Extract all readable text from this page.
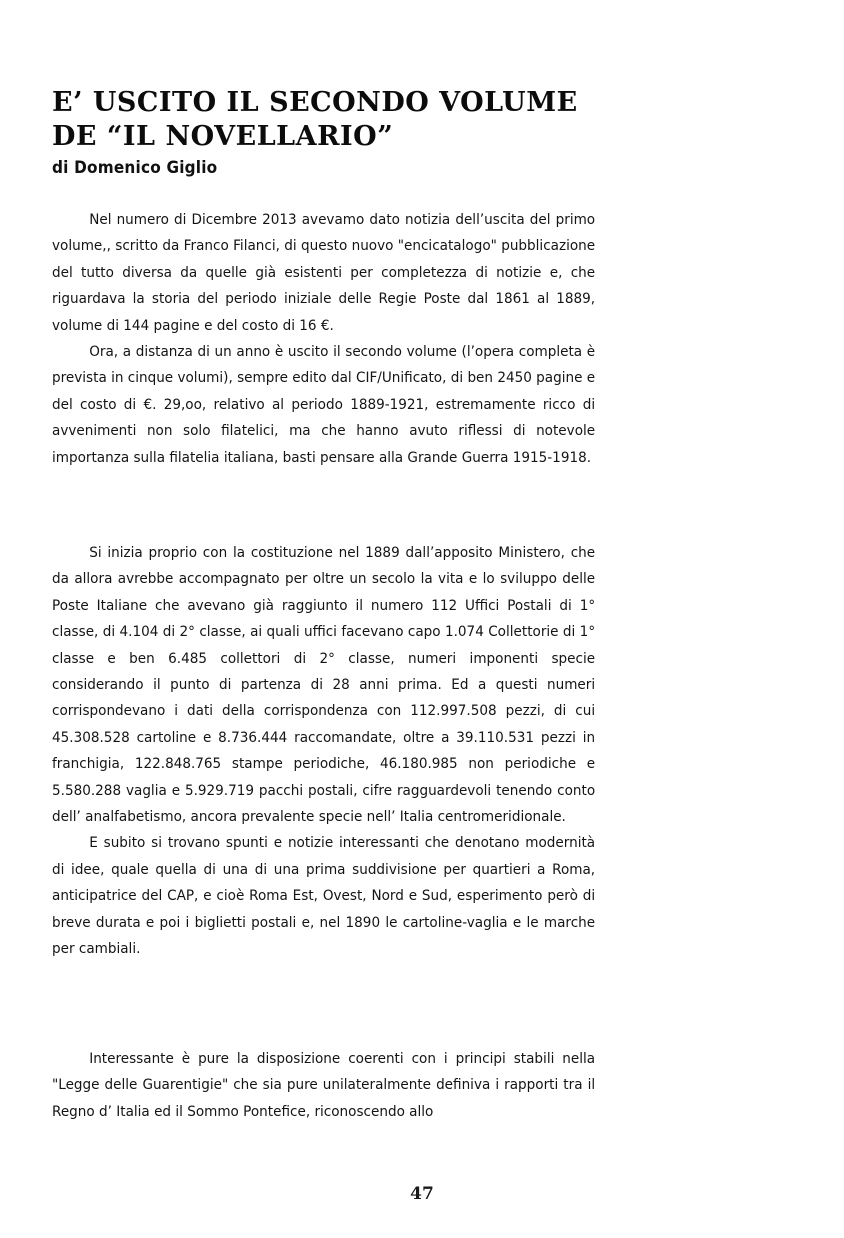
E’ USCITO IL SECONDO VOLUME
DE “IL NOVELLARIO”
di Domenico Giglio

Nel numero di Dicembre 2013 avevamo dato notizia dell’uscita del primo volume,, scritto da Franco Filanci, di questo nuovo "encicatalogo" pubblicazione del tutto diversa da quelle già esistenti per completezza di notizie e, che riguardava la storia del periodo iniziale delle Regie Poste dal 1861 al 1889, volume di 144 pagine e del costo di 16 €.

Ora, a distanza di un anno è uscito il secondo volume (l’opera completa è prevista in cinque volumi), sempre edito dal CIF/Unificato, di ben 2450 pagine e del costo di €. 29,oo, relativo al periodo 1889-1921, estremamente ricco di avvenimenti non solo filatelici, ma che hanno avuto riflessi di notevole importanza sulla filatelia italiana, basti pensare alla Grande Guerra 1915-1918.

Si inizia proprio con la costituzione nel 1889 dall’apposito Ministero, che da allora avrebbe accompagnato per oltre un secolo la vita e lo sviluppo delle Poste Italiane che avevano già raggiunto il numero 112 Uffici Postali di 1° classe, di 4.104 di 2° classe, ai quali uffici facevano capo 1.074 Collettorie di 1° classe e ben 6.485 collettori di 2° classe, numeri imponenti specie considerando il punto di partenza di 28 anni prima. Ed a questi numeri corrispondevano i dati della corrispondenza con 112.997.508 pezzi, di cui 45.308.528 cartoline e 8.736.444 raccomandate, oltre a 39.110.531 pezzi in franchigia, 122.848.765 stampe periodiche, 46.180.985 non periodiche e 5.580.288 vaglia e 5.929.719 pacchi postali, cifre ragguardevoli tenendo conto dell’ analfabetismo, ancora prevalente specie nell’ Italia centromeridionale.

E subito si trovano spunti e notizie interessanti che denotano modernità di idee, quale quella di una di una prima suddivisione per quartieri a Roma, anticipatrice del CAP, e cioè Roma Est, Ovest, Nord e Sud, esperimento però di breve durata e poi i biglietti postali e, nel 1890 le cartoline-vaglia e le marche per cambiali.

Interessante è pure la disposizione coerenti con i principi stabili nella "Legge delle Guarentigie" che sia pure unilateralmente definiva i rapporti tra il Regno d’ Italia ed il Sommo Pontefice, riconoscendo allo

47
